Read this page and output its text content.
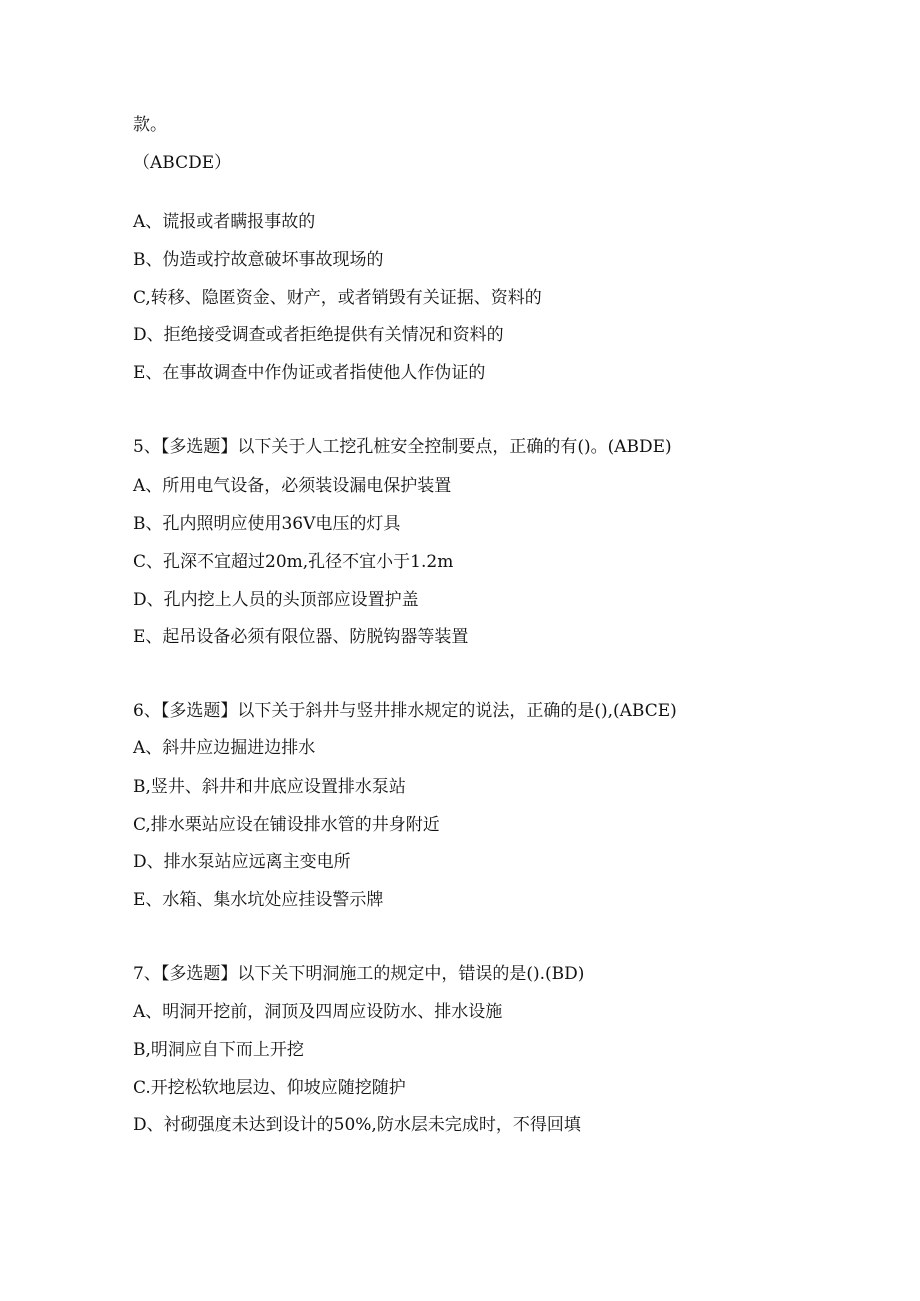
款。
（ABCDE）
A、谎报或者瞒报事故的
B、伪造或拧故意破坏事故现场的
C,转移、隐匿资金、财产，或者销毁有关证据、资料的
D、拒绝接受调查或者拒绝提供有关情况和资料的
E、在事故调查中作伪证或者指使他人作伪证的
5、【多选题】以下关于人工挖孔桩安全控制要点，正确的有()。(ABDE)
A、所用电气设备，必须装设漏电保护装置
B、孔内照明应使用36V电压的灯具
C、孔深不宜超过20m,孔径不宜小于1.2m
D、孔内挖上人员的头顶部应设置护盖
E、起吊设备必须有限位器、防脱钩器等装置
6、【多选题】以下关于斜井与竖井排水规定的说法，正确的是(),(ABCE)
A、斜井应边掘进边排水
B,竖井、斜井和井底应设置排水泵站
C,排水栗站应设在铺设排水管的井身附近
D、排水泵站应远离主变电所
E、水箱、集水坑处应挂设警示牌
7、【多选题】以下关下明洞施工的规定中，错误的是().(BD)
A、明洞开挖前，洞顶及四周应设防水、排水设施
B,明洞应自下而上开挖
C.开挖松软地层边、仰坡应随挖随护
D、衬砌强度未达到设计的50%,防水层未完成时，不得回填
